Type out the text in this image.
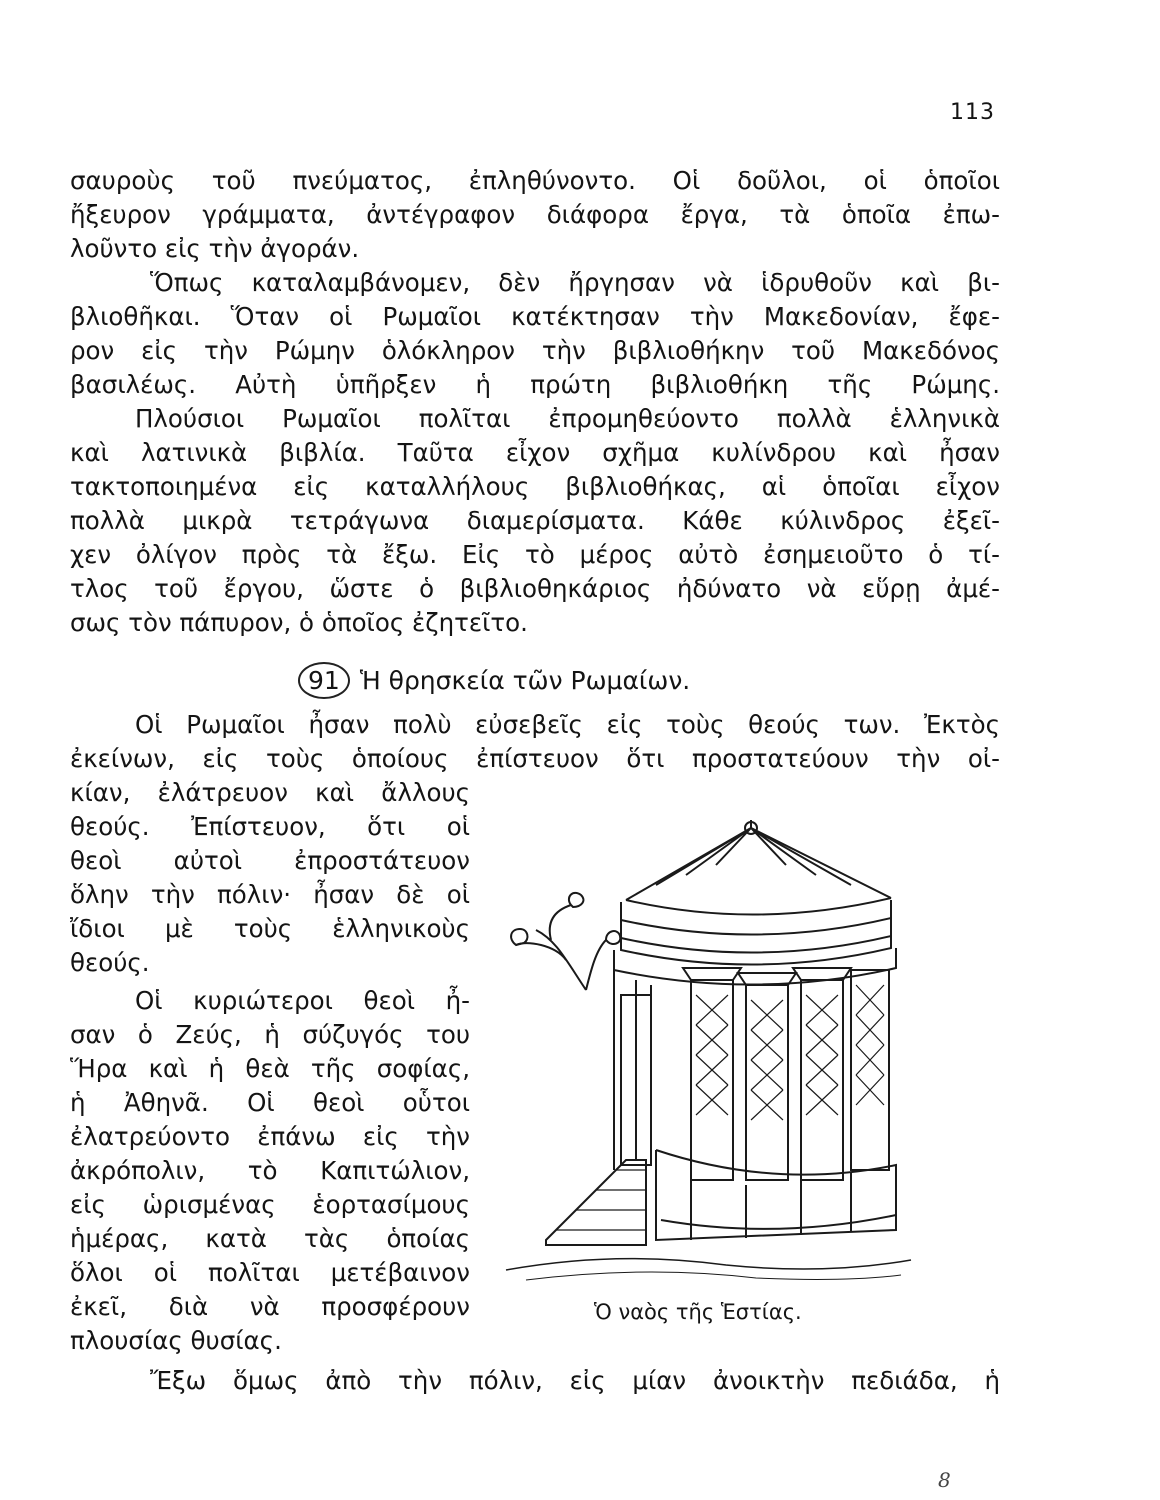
113
σαυροὺς τοῦ πνεύματος, ἐπληθύνοντο. Οἱ δοῦλοι, οἱ ὁποῖοι
ἤξευρον γράμματα, ἀντέγραφον διάφορα ἔργα, τὰ ὁποῖα ἐπω-
λοῦντο εἰς τὴν ἀγοράν.
Ὅπως καταλαμβάνομεν, δὲν ἤργησαν νὰ ἱδρυθοῦν καὶ βι-
βλιοθῆκαι. Ὅταν οἱ Ρωμαῖοι κατέκτησαν τὴν Μακεδονίαν, ἔφε-
ρον εἰς τὴν Ρώμην ὁλόκληρον τὴν βιβλιοθήκην τοῦ Μακεδόνος
βασιλέως. Αὐτὴ ὑπῆρξεν ἡ πρώτη βιβλιοθήκη τῆς Ρώμης.
Πλούσιοι Ρωμαῖοι πολῖται ἐπρομηθεύοντο πολλὰ ἑλληνικὰ
καὶ λατινικὰ βιβλία. Ταῦτα εἶχον σχῆμα κυλίνδρου καὶ ἦσαν
τακτοποιημένα εἰς καταλλήλους βιβλιοθήκας, αἱ ὁποῖαι εἶχον
πολλὰ μικρὰ τετράγωνα διαμερίσματα. Κάθε κύλινδρος ἐξεῖ-
χεν ὀλίγον πρὸς τὰ ἔξω. Εἰς τὸ μέρος αὐτὸ ἐσημειοῦτο ὁ τί-
τλος τοῦ ἔργου, ὥστε ὁ βιβλιοθηκάριος ἠδύνατο νὰ εὕρῃ ἀμέ-
σως τὸν πάπυρον, ὁ ὁποῖος ἐζητεῖτο.
91 Ἡ θρησκεία τῶν Ρωμαίων.
Οἱ Ρωμαῖοι ἦσαν πολὺ εὐσεβεῖς εἰς τοὺς θεούς των. Ἐκτὸς
ἐκείνων, εἰς τοὺς ὁποίους ἐπίστευον ὅτι προστατεύουν τὴν οἰ-
κίαν, ἐλάτρευον καὶ ἄλλους
θεούς. Ἐπίστευον, ὅτι οἱ
θεοὶ αὐτοὶ ἐπροστάτευον
ὅλην τὴν πόλιν· ἦσαν δὲ οἱ
ἴδιοι μὲ τοὺς ἑλληνικοὺς
θεούς.
Οἱ κυριώτεροι θεοὶ ἦ-
σαν ὁ Ζεύς, ἡ σύζυγός του
Ἥρα καὶ ἡ θεὰ τῆς σοφίας,
ἡ Ἀθηνᾶ. Οἱ θεοὶ οὗτοι
ἐλατρεύοντο ἐπάνω εἰς τὴν
ἀκρόπολιν, τὸ Καπιτώλιον,
εἰς ὡρισμένας ἑορτασίμους
ἡμέρας, κατὰ τὰς ὁποίας
ὅλοι οἱ πολῖται μετέβαινον
ἐκεῖ, διὰ νὰ προσφέρουν
πλουσίας θυσίας.
Ἔξω ὅμως ἀπὸ τὴν πόλιν, εἰς μίαν ἀνοικτὴν πεδιάδα, ἡ
Ὁ ναὸς τῆς Ἑστίας.
8
